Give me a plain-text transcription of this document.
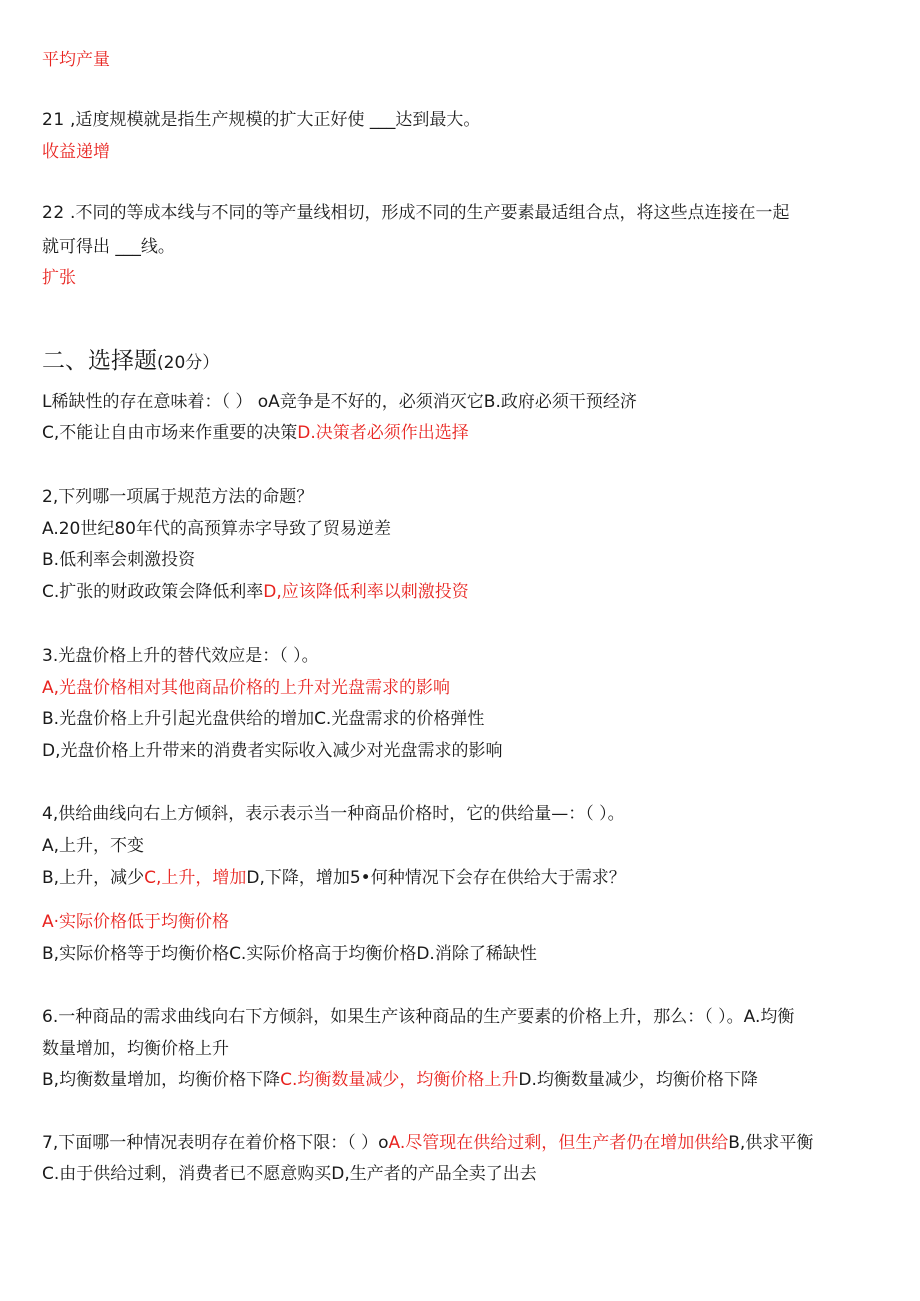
平均产量
21 ,适度规模就是指生产规模的扩大正好使 ___达到最大。
收益递增
22 .不同的等成本线与不同的等产量线相切，形成不同的生产要素最适组合点，将这些点连接在一起
就可得出 ___线。
扩张
二、选择题(20分）
L稀缺性的存在意味着：（ ） oA竞争是不好的，必须消灭它B.政府必须干预经济
C,不能让自由市场来作重要的决策D.决策者必须作出选择
2,下列哪一项属于规范方法的命题？
A.20世纪80年代的高预算赤字导致了贸易逆差
B.低利率会刺激投资
C.扩张的财政政策会降低利率D,应该降低利率以刺激投资
3.光盘价格上升的替代效应是：（ ）。
A,光盘价格相对其他商品价格的上升对光盘需求的影响
B.光盘价格上升引起光盘供给的增加C.光盘需求的价格弹性
D,光盘价格上升带来的消费者实际收入减少对光盘需求的影响
4,供给曲线向右上方倾斜，表示表示当一种商品价格时，它的供给量—：（ ）。
A,上升，不变
B,上升，减少C,上升，增加D,下降，增加5•何种情况下会存在供给大于需求？
A·实际价格低于均衡价格
B,实际价格等于均衡价格C.实际价格高于均衡价格D.消除了稀缺性
6.一种商品的需求曲线向右下方倾斜，如果生产该种商品的生产要素的价格上升，那么：（ ）。A.均衡
数量增加，均衡价格上升
B,均衡数量增加，均衡价格下降C.均衡数量减少，均衡价格上升D.均衡数量减少，均衡价格下降
7,下面哪一种情况表明存在着价格下限：（ ）oA.尽管现在供给过剩，但生产者仍在增加供给B,供求平衡
C.由于供给过剩，消费者已不愿意购买D,生产者的产品全卖了出去
